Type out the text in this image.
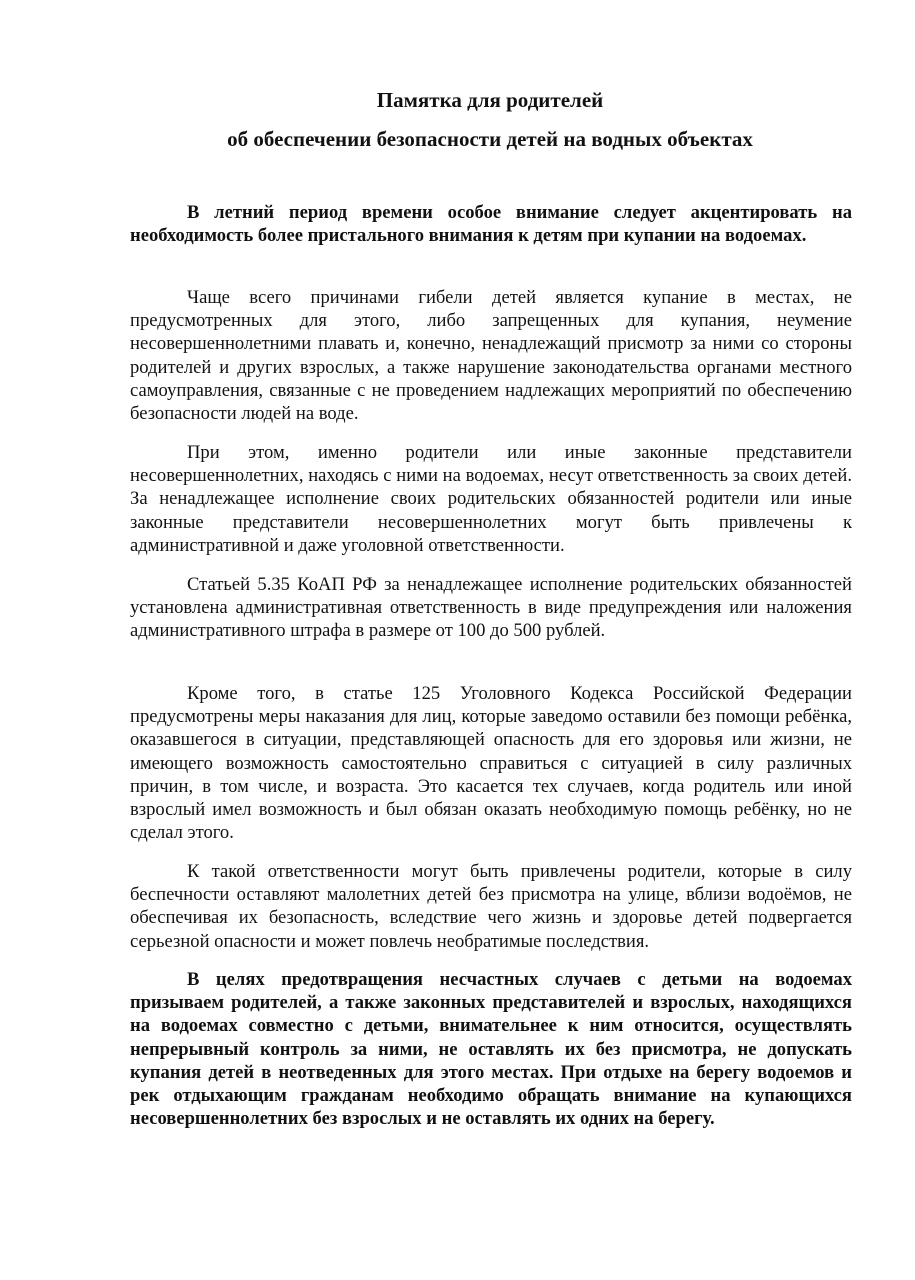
Памятка для родителей
об обеспечении безопасности детей на водных объектах

В летний период времени особое внимание следует акцентировать на необходимость более пристального внимания к детям при купании на водоемах.

Чаще всего причинами гибели детей является купание в местах, не предусмотренных для этого, либо запрещенных для купания, неумение несовершеннолетними плавать и, конечно, ненадлежащий присмотр за ними со стороны родителей и других взрослых, а также нарушение законодательства органами местного самоуправления, связанные с не проведением надлежащих мероприятий по обеспечению безопасности людей на воде.

При этом, именно родители или иные законные представители несовершеннолетних, находясь с ними на водоемах, несут ответственность за своих детей. За ненадлежащее исполнение своих родительских обязанностей родители или иные законные представители несовершеннолетних могут быть привлечены к административной и даже уголовной ответственности.

Статьей 5.35 КоАП РФ за ненадлежащее исполнение родительских обязанностей установлена административная ответственность в виде предупреждения или наложения административного штрафа в размере от 100 до 500 рублей.

Кроме того, в статье 125 Уголовного Кодекса Российской Федерации предусмотрены меры наказания для лиц, которые заведомо оставили без помощи ребёнка, оказавшегося в ситуации, представляющей опасность для его здоровья или жизни, не имеющего возможность самостоятельно справиться с ситуацией в силу различных причин, в том числе, и возраста. Это касается тех случаев, когда родитель или иной взрослый имел возможность и был обязан оказать необходимую помощь ребёнку, но не сделал этого.

К такой ответственности могут быть привлечены родители, которые в силу беспечности оставляют малолетних детей без присмотра на улице, вблизи водоёмов, не обеспечивая их безопасность, вследствие чего жизнь и здоровье детей подвергается серьезной опасности и может повлечь необратимые последствия.

В целях предотвращения несчастных случаев с детьми на водоемах призываем родителей, а также законных представителей и взрослых, находящихся на водоемах совместно с детьми, внимательнее к ним относится, осуществлять непрерывный контроль за ними, не оставлять их без присмотра, не допускать купания детей в неотведенных для этого местах. При отдыхе на берегу водоемов и рек отдыхающим гражданам необходимо обращать внимание на купающихся несовершеннолетних без взрослых и не оставлять их одних на берегу.
